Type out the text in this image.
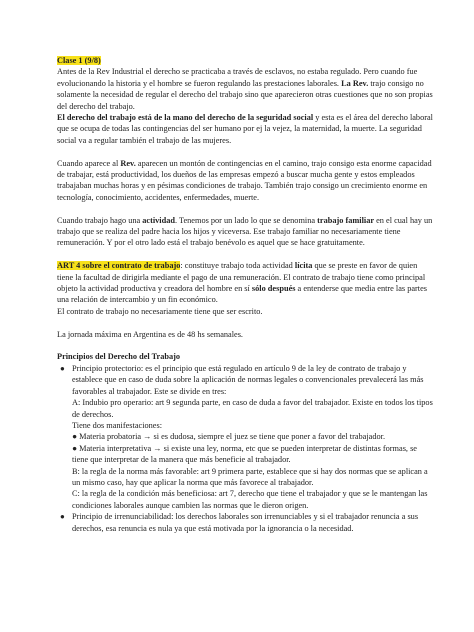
Clase 1 (9/8)

Antes de la Rev Industrial el derecho se practicaba a través de esclavos, no estaba regulado. Pero cuando fue evolucionando la historia y el hombre se fueron regulando las prestaciones laborales. La Rev. trajo consigo no solamente la necesidad de regular el derecho del trabajo sino que aparecieron otras cuestiones que no son propias del derecho del trabajo.

El derecho del trabajo está de la mano del derecho de la seguridad social y esta es el área del derecho laboral que se ocupa de todas las contingencias del ser humano por ej la vejez, la maternidad, la muerte. La seguridad social va a regular también el trabajo de las mujeres.

Cuando aparece al Rev. aparecen un montón de contingencias en el camino, trajo consigo esta enorme capacidad de trabajar, está productividad, los dueños de las empresas empezó a buscar mucha gente y estos empleados trabajaban muchas horas y en pésimas condiciones de trabajo. También trajo consigo un crecimiento enorme en tecnología, conocimiento, accidentes, enfermedades, muerte.

Cuando trabajo hago una actividad. Tenemos por un lado lo que se denomina trabajo familiar en el cual hay un trabajo que se realiza del padre hacia los hijos y viceversa. Ese trabajo familiar no necesariamente tiene remuneración. Y por el otro lado está el trabajo benévolo es aquel que se hace gratuitamente.

ART 4 sobre el contrato de trabajo: constituye trabajo toda actividad lícita que se preste en favor de quien tiene la facultad de dirigirla mediante el pago de una remuneración. El contrato de trabajo tiene como principal objeto la actividad productiva y creadora del hombre en sí sólo después a entenderse que media entre las partes una relación de intercambio y un fin económico.

El contrato de trabajo no necesariamente tiene que ser escrito.

La jornada máxima en Argentina es de 48 hs semanales.

Principios del Derecho del Trabajo

● Principio protectorio: es el principio que está regulado en artículo 9 de la ley de contrato de trabajo y establece que en caso de duda sobre la aplicación de normas legales o convencionales prevalecerá las más favorables al trabajador. Este se divide en tres:

A: Indubio pro operario: art 9 segunda parte, en caso de duda a favor del trabajador. Existe en todos los tipos de derechos.

Tiene dos manifestaciones:

● Materia probatoria → si es dudosa, siempre el juez se tiene que poner a favor del trabajador.

● Materia interpretativa → si existe una ley, norma, etc que se pueden interpretar de distintas formas, se tiene que interpretar de la manera que más beneficie al trabajador.

B: la regla de la norma más favorable: art 9 primera parte, establece que si hay dos normas que se aplican a un mismo caso, hay que aplicar la norma que más favorece al trabajador.

C: la regla de la condición más beneficiosa: art 7, derecho que tiene el trabajador y que se le mantengan las condiciones laborales aunque cambien las normas que le dieron origen.

● Principio de irrenunciabilidad: los derechos laborales son irrenunciables y si el trabajador renuncia a sus derechos, esa renuncia es nula ya que está motivada por la ignorancia o la necesidad.
